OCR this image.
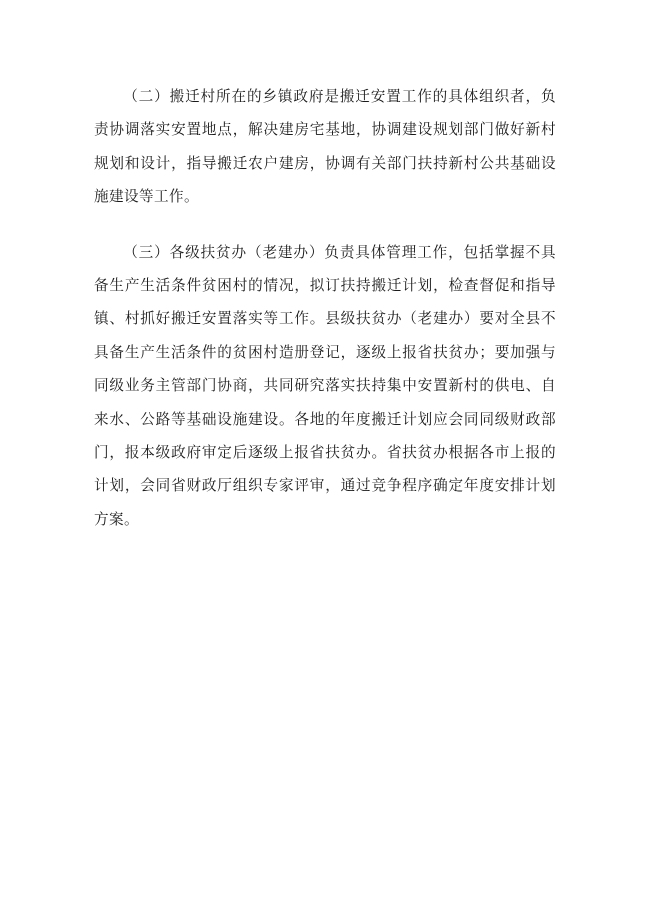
（二）搬迁村所在的乡镇政府是搬迁安置工作的具体组织者，负责协调落实安置地点，解决建房宅基地，协调建设规划部门做好新村规划和设计，指导搬迁农户建房，协调有关部门扶持新村公共基础设施建设等工作。

（三）各级扶贫办（老建办）负责具体管理工作，包括掌握不具备生产生活条件贫困村的情况，拟订扶持搬迁计划，检查督促和指导镇、村抓好搬迁安置落实等工作。县级扶贫办（老建办）要对全县不具备生产生活条件的贫困村造册登记，逐级上报省扶贫办；要加强与同级业务主管部门协商，共同研究落实扶持集中安置新村的供电、自来水、公路等基础设施建设。各地的年度搬迁计划应会同同级财政部门，报本级政府审定后逐级上报省扶贫办。省扶贫办根据各市上报的计划，会同省财政厅组织专家评审，通过竞争程序确定年度安排计划方案。
